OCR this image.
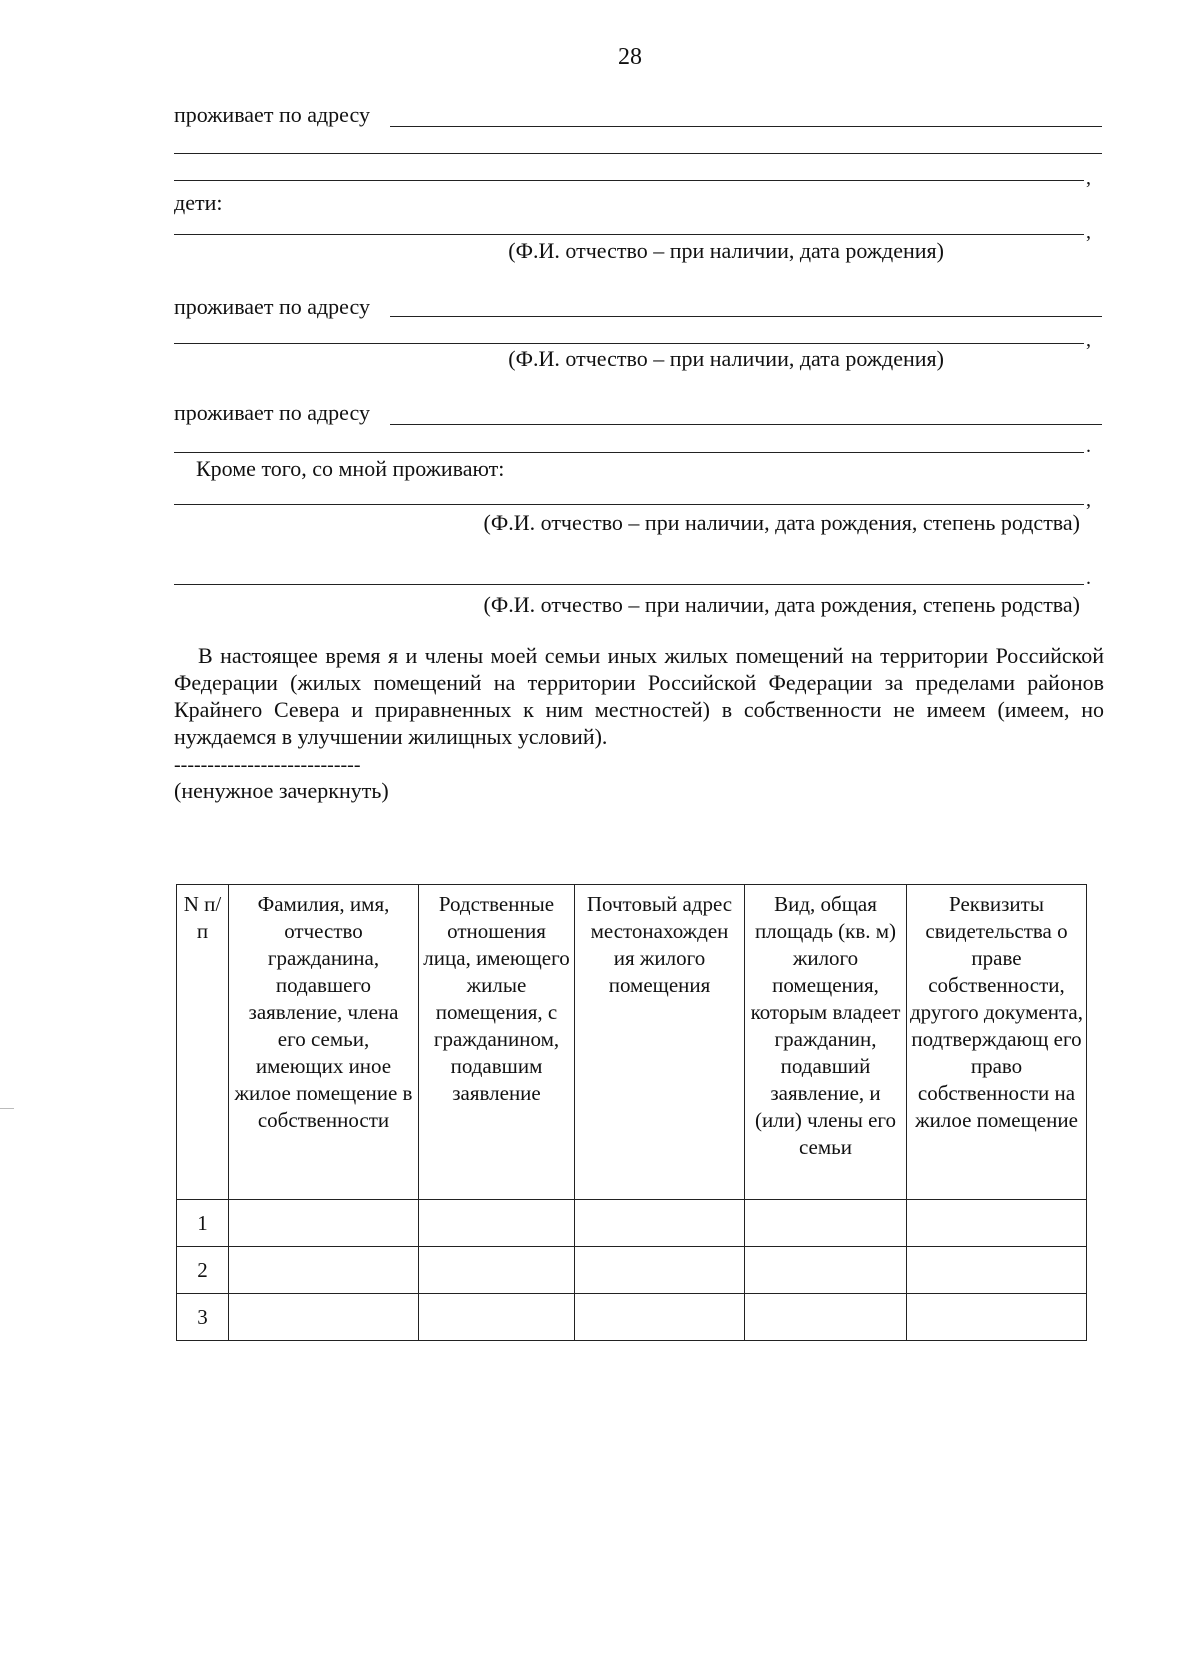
28
проживает по адресу
,
дети:
,
(Ф.И. отчество – при наличии, дата рождения)
проживает по адресу
,
(Ф.И. отчество – при наличии, дата рождения)
проживает по адресу
.
Кроме того, со мной проживают:
,
(Ф.И. отчество – при наличии, дата рождения, степень родства)
.
(Ф.И. отчество – при наличии, дата рождения, степень родства)
В настоящее время я и члены моей семьи иных жилых помещений на территории Российской Федерации (жилых помещений на территории Российской Федерации за пределами районов Крайнего Севера и приравненных к ним местностей) в собственности не имеем (имеем, но нуждаемся в улучшении жилищных условий).
----------------------------
(ненужное зачеркнуть)
N п/п	Фамилия, имя, отчество гражданина, подавшего заявление, члена его семьи, имеющих иное жилое помещение в собственности	Родственные отношения лица, имеющего жилые помещения, с гражданином, подавшим заявление	Почтовый адрес местонахожден ия жилого помещения	Вид, общая площадь (кв. м) жилого помещения, которым владеет гражданин, подавший заявление, и (или) члены его семьи	Реквизиты свидетельства о праве собственности, другого документа, подтверждающ его право собственности на жилое помещение
1					
2					
3					
